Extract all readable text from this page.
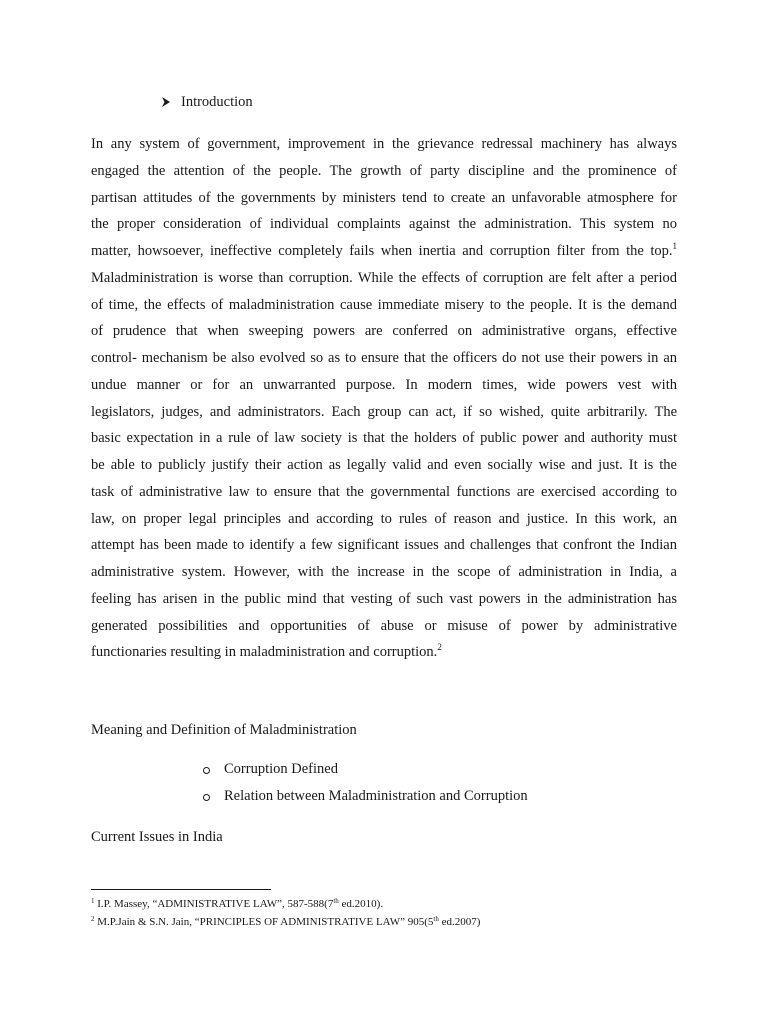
Introduction
In any system of government, improvement in the grievance redressal machinery has always
engaged the attention of the people. The growth of party discipline and the prominence of
partisan attitudes of the governments by ministers tend to create an unfavorable atmosphere for
the proper consideration of individual complaints against the administration. This system no
matter, howsoever, ineffective completely fails when inertia and corruption filter from the top.$^1$
Maladministration is worse than corruption. While the effects of corruption are felt after a period
of time, the effects of maladministration cause immediate misery to the people. It is the demand
of prudence that when sweeping powers are conferred on administrative organs, effective
control- mechanism be also evolved so as to ensure that the officers do not use their powers in an
undue manner or for an unwarranted purpose. In modern times, wide powers vest with
legislators, judges, and administrators. Each group can act, if so wished, quite arbitrarily. The
basic expectation in a rule of law society is that the holders of public power and authority must
be able to publicly justify their action as legally valid and even socially wise and just. It is the
task of administrative law to ensure that the governmental functions are exercised according to
law, on proper legal principles and according to rules of reason and justice. In this work, an
attempt has been made to identify a few significant issues and challenges that confront the Indian
administrative system. However, with the increase in the scope of administration in India, a
feeling has arisen in the public mind that vesting of such vast powers in the administration has
generated possibilities and opportunities of abuse or misuse of power by administrative
functionaries resulting in maladministration and corruption.$^2$
Meaning and Definition of Maladministration
Corruption Defined
Relation between Maladministration and Corruption
Current Issues in India
$^1$ I.P. Massey, “ADMINISTRATIVE LAW”, 587-588(7th ed.2010).
$^2$ M.P.Jain & S.N. Jain, “PRINCIPLES OF ADMINISTRATIVE LAW” 905(5th ed.2007)
